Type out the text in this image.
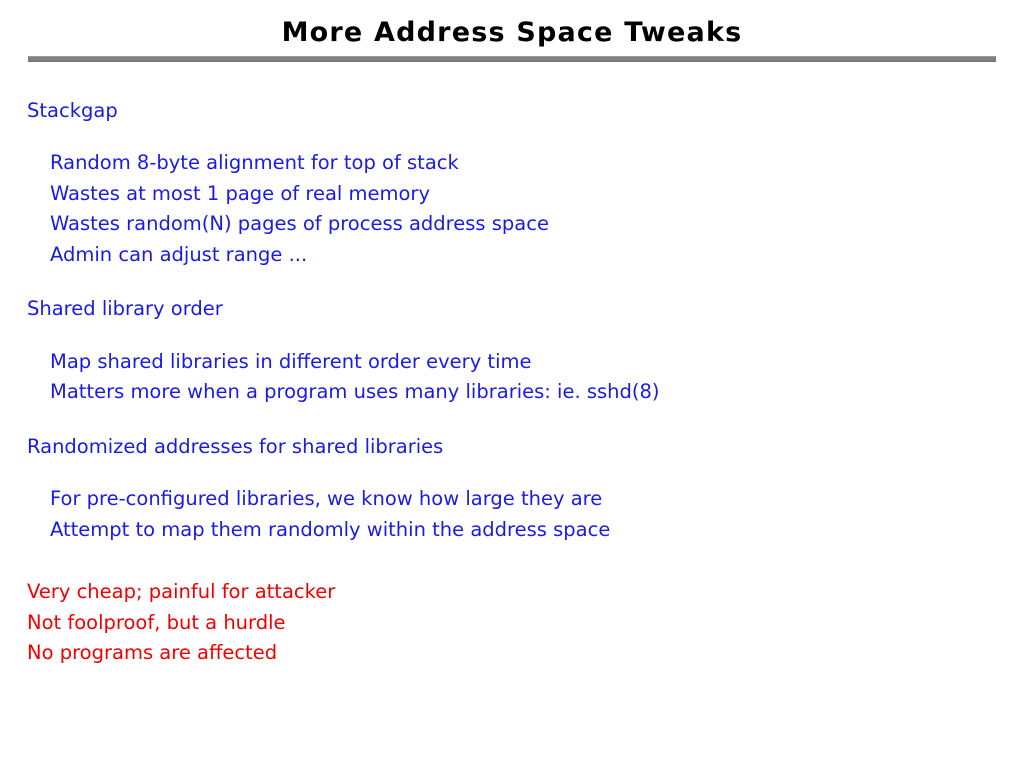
More Address Space Tweaks
Stackgap
Random 8-byte alignment for top of stack
Wastes at most 1 page of real memory
Wastes random(N) pages of process address space
Admin can adjust range ...
Shared library order
Map shared libraries in different order every time
Matters more when a program uses many libraries: ie. sshd(8)
Randomized addresses for shared libraries
For pre-configured libraries, we know how large they are
Attempt to map them randomly within the address space
Very cheap; painful for attacker
Not foolproof, but a hurdle
No programs are affected
